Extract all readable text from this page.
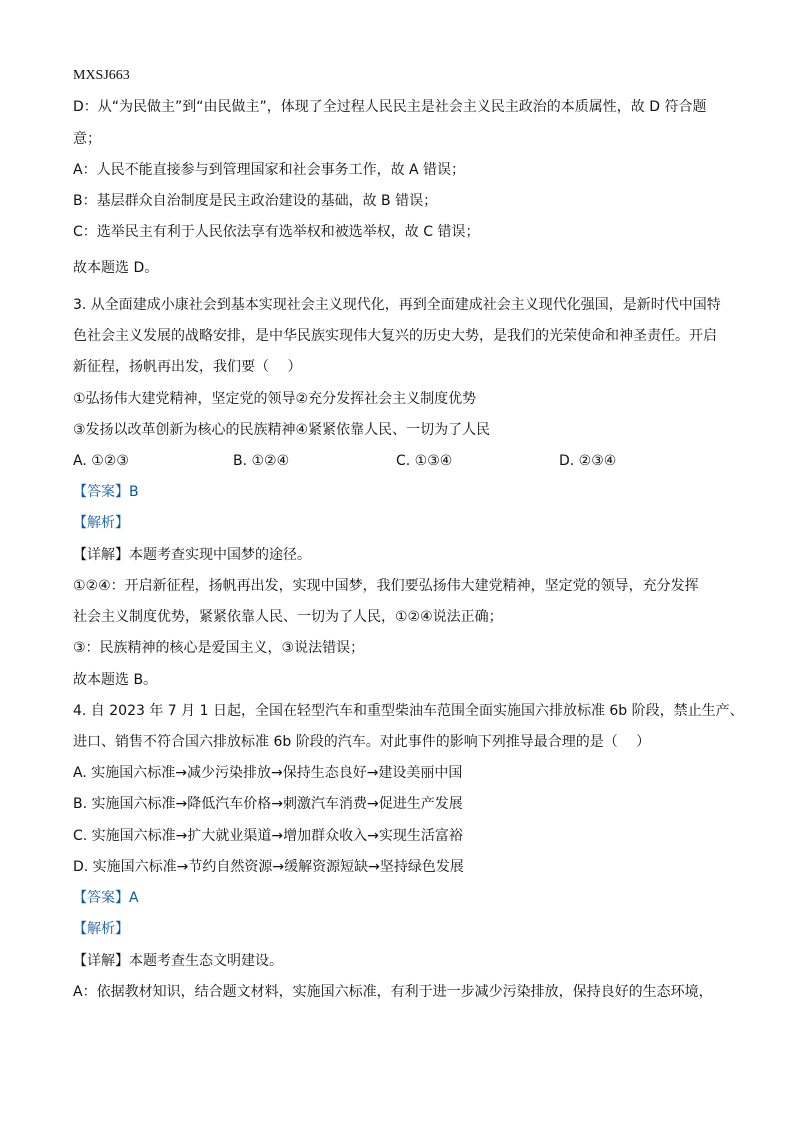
MXSJ663
D：从“为民做主”到“由民做主”，体现了全过程人民民主是社会主义民主政治的本质属性，故 D 符合题
意；
A：人民不能直接参与到管理国家和社会事务工作，故 A 错误；
B：基层群众自治制度是民主政治建设的基础，故 B 错误；
C：选举民主有利于人民依法享有选举权和被选举权，故 C 错误；
故本题选 D。
3. 从全面建成小康社会到基本实现社会主义现代化，再到全面建成社会主义现代化强国，是新时代中国特
色社会主义发展的战略安排，是中华民族实现伟大复兴的历史大势，是我们的光荣使命和神圣责任。开启
新征程，扬帆再出发，我们要（　 ）
①弘扬伟大建党精神，坚定党的领导②充分发挥社会主义制度优势
③发扬以改革创新为核心的民族精神④紧紧依靠人民、一切为了人民
A. ①②③	B. ①②④	C. ①③④	D. ②③④
【答案】B
【解析】
【详解】本题考查实现中国梦的途径。
①②④：开启新征程，扬帆再出发，实现中国梦，我们要弘扬伟大建党精神，坚定党的领导，充分发挥
社会主义制度优势，紧紧依靠人民、一切为了人民，①②④说法正确；
③：民族精神的核心是爱国主义，③说法错误；
故本题选 B。
4. 自 2023 年 7 月 1 日起，全国在轻型汽车和重型柴油车范围全面实施国六排放标准 6b 阶段，禁止生产、
进口、销售不符合国六排放标准 6b 阶段的汽车。对此事件的影响下列推导最合理的是（　 ）
A. 实施国六标准→减少污染排放→保持生态良好→建设美丽中国
B. 实施国六标准→降低汽车价格→刺激汽车消费→促进生产发展
C. 实施国六标准→扩大就业渠道→增加群众收入→实现生活富裕
D. 实施国六标准→节约自然资源→缓解资源短缺→坚持绿色发展
【答案】A
【解析】
【详解】本题考查生态文明建设。
A：依据教材知识，结合题文材料，实施国六标准，有利于进一步减少污染排放，保持良好的生态环境，
